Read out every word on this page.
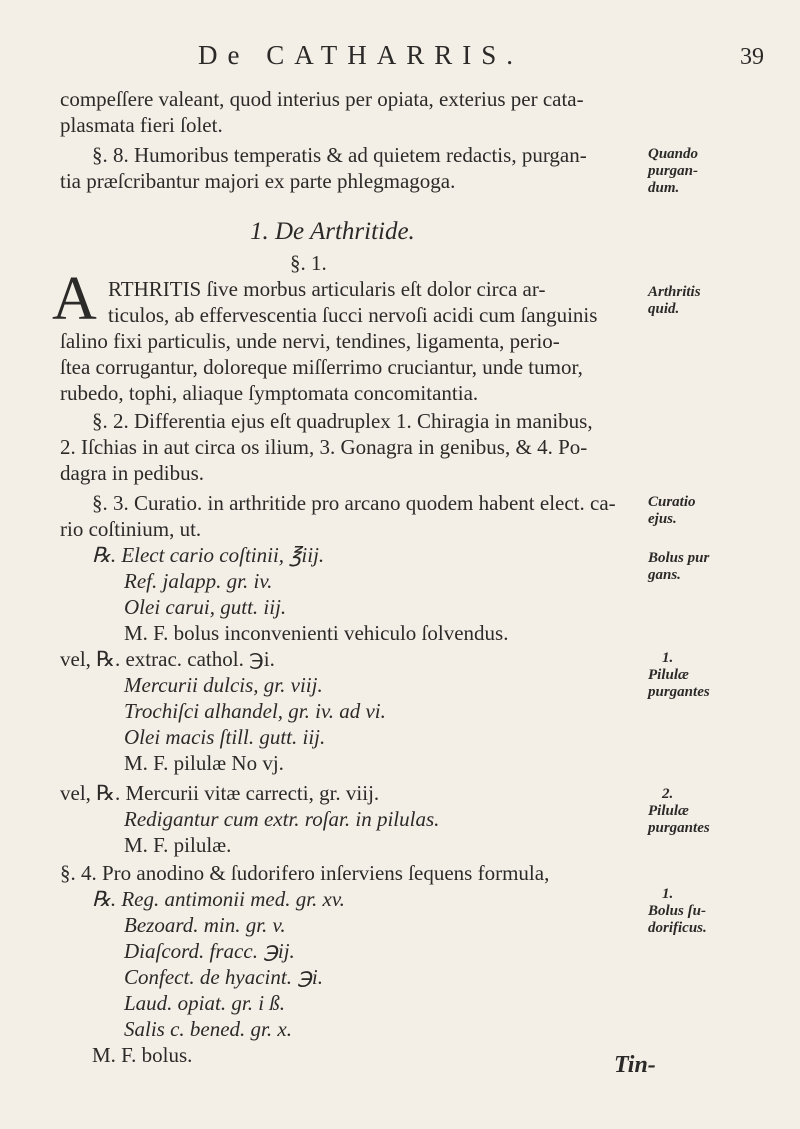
De CATHARRIS.	39
compeſſere valeant, quod interius per opiata, exterius per cata-
plasmata fieri ſolet.
§. 8. Humoribus temperatis & ad quietem redactis, purgan-
tia præſcribantur majori ex parte phlegmagoga.
Quando
purgan-
dum.
1. De Arthritide.
§. 1.
A RTHRITIS ſive morbus articularis eſt dolor circa ar-
ticulos, ab effervescentia ſucci nervoſi acidi cum ſanguinis
ſalino fixi particulis, unde nervi, tendines, ligamenta, perio-
ſtea corrugantur, doloreque miſſerrimo cruciantur, unde tumor,
rubedo, tophi, aliaque ſymptomata concomitantia.
Arthritis
quid.
§. 2. Differentia ejus eſt quadruplex 1. Chiragia in manibus,
2. Iſchias in aut circa os ilium, 3. Gonagra in genibus, & 4. Po-
dagra in pedibus.
§. 3. Curatio. in arthritide pro arcano quodem habent elect. ca-
rio coſtinium, ut.
Curatio
ejus.
℞. Elect cario coſtinii, ℥iij.
Ref. jalapp. gr. iv.
Olei carui, gutt. iij.
M. F. bolus inconvenienti vehiculo ſolvendus.
Bolus pur
gans.
vel, ℞. extrac. cathol. ℈i.
Mercurii dulcis, gr. viij.
Trochiſci alhandel, gr. iv. ad vi.
Olei macis ſtill. gutt. iij.
M. F. pilulæ No vj.
1.
Pilulæ
purgantes
vel, ℞. Mercurii vitæ carrecti, gr. viij.
Redigantur cum extr. roſar. in pilulas.
M. F. pilulæ.
2.
Pilulæ
purgantes
§. 4. Pro anodino & ſudorifero inſerviens ſequens formula,
℞. Reg. antimonii med. gr. xv.
Bezoard. min. gr. v.
Diaſcord. fracc. ℈ij.
Confect. de hyacint. ℈i.
Laud. opiat. gr. i ß.
Salis c. bened. gr. x.
M. F. bolus.
1.
Bolus ſu-
dorificus.
Tin-
